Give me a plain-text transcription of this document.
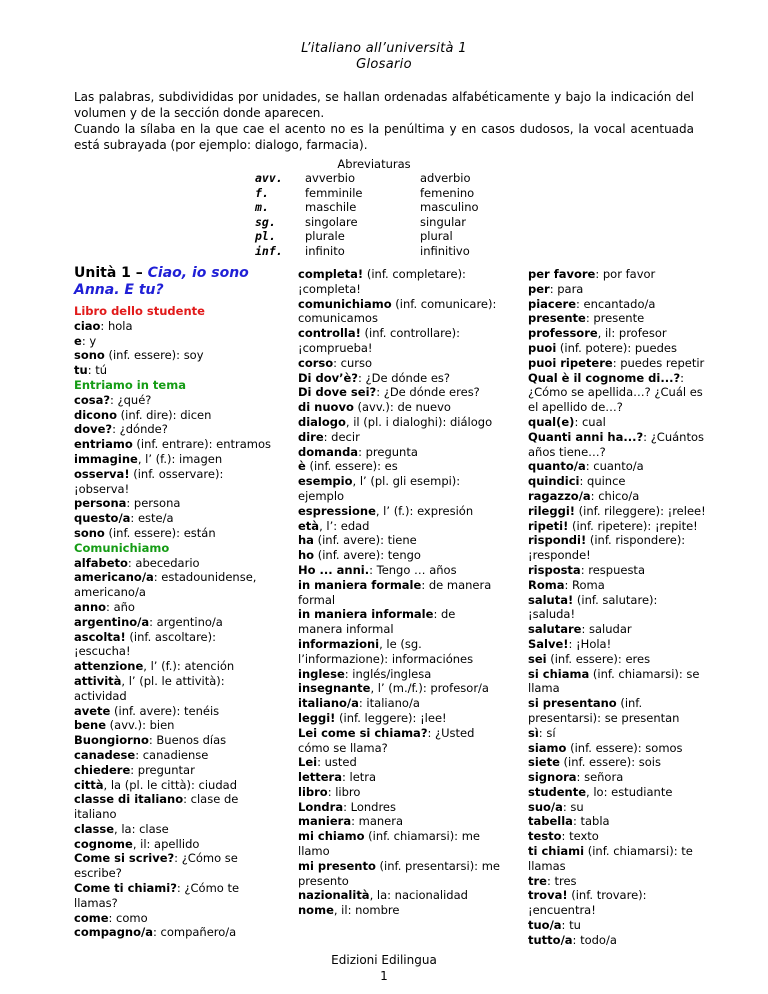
L’italiano all’università 1
Glosario
Las palabras, subdivididas por unidades, se hallan ordenadas alfabéticamente y bajo la indicación del volumen y de la sección donde aparecen.
Cuando la sílaba en la que cae el acento no es la penúltima y en casos dudosos, la vocal acentuada está subrayada (por ejemplo: dialogo, farmacia).
Abreviaturas
avv.	avverbio	adverbio
f.	femminile	femenino
m.	maschile	masculino
sg.	singolare	singular
pl.	plurale	plural
inf.	infinito	infinitivo
Unità 1 – Ciao, io sono Anna. E tu?
Libro dello studente
ciao: hola
e: y
sono (inf. essere): soy
tu: tú
Entriamo in tema
cosa?: ¿qué?
dicono (inf. dire): dicen
dove?: ¿dónde?
entriamo (inf. entrare): entramos
immagine, l’ (f.): imagen
osserva! (inf. osservare): ¡observa!
persona: persona
questo/a: este/a
sono (inf. essere): están
Comunichiamo
alfabeto: abecedario
americano/a: estadounidense, americano/a
anno: año
argentino/a: argentino/a
ascolta! (inf. ascoltare): ¡escucha!
attenzione, l’ (f.): atención
attività, l’ (pl. le attività): actividad
avete (inf. avere): tenéis
bene (avv.): bien
Buongiorno: Buenos días
canadese: canadiense
chiedere: preguntar
città, la (pl. le città): ciudad
classe di italiano: clase de italiano
classe, la: clase
cognome, il: apellido
Come si scrive?: ¿Cómo se escribe?
Come ti chiami?: ¿Cómo te llamas?
come: como
compagno/a: compañero/a
completa! (inf. completare): ¡completa!
comunichiamo (inf. comunicare): comunicamos
controlla! (inf. controllare): ¡comprueba!
corso: curso
Di dov’è?: ¿De dónde es?
Di dove sei?: ¿De dónde eres?
di nuovo (avv.): de nuevo
dialogo, il (pl. i dialoghi): diálogo
dire: decir
domanda: pregunta
è (inf. essere): es
esempio, l’ (pl. gli esempi): ejemplo
espressione, l’ (f.): expresión
età, l’: edad
ha (inf. avere): tiene
ho (inf. avere): tengo
Ho ... anni.: Tengo … años
in maniera formale: de manera formal
in maniera informale: de manera informal
informazioni, le (sg. l’informazione): informaciónes
inglese: inglés/inglesa
insegnante, l’ (m./f.): profesor/a
italiano/a: italiano/a
leggi! (inf. leggere): ¡lee!
Lei come si chiama?: ¿Usted cómo se llama?
Lei: usted
lettera: letra
libro: libro
Londra: Londres
maniera: manera
mi chiamo (inf. chiamarsi): me llamo
mi presento (inf. presentarsi): me presento
nazionalità, la: nacionalidad
nome, il: nombre
per favore: por favor
per: para
piacere: encantado/a
presente: presente
professore, il: profesor
puoi (inf. potere): puedes
puoi ripetere: puedes repetir
Qual è il cognome di...?: ¿Cómo se apellida…? ¿Cuál es el apellido de…?
qual(e): cual
Quanti anni ha...?: ¿Cuántos años tiene…?
quanto/a: cuanto/a
quindici: quince
ragazzo/a: chico/a
rileggi! (inf. rileggere): ¡relee!
ripeti! (inf. ripetere): ¡repite!
rispondi! (inf. rispondere): ¡responde!
risposta: respuesta
Roma: Roma
saluta! (inf. salutare): ¡saluda!
salutare: saludar
Salve!: ¡Hola!
sei (inf. essere): eres
si chiama (inf. chiamarsi): se llama
si presentano (inf. presentarsi): se presentan
sì: sí
siamo (inf. essere): somos
siete (inf. essere): sois
signora: señora
studente, lo: estudiante
suo/a: su
tabella: tabla
testo: texto
ti chiami (inf. chiamarsi): te llamas
tre: tres
trova! (inf. trovare): ¡encuentra!
tuo/a: tu
tutto/a: todo/a
Edizioni Edilingua
1
